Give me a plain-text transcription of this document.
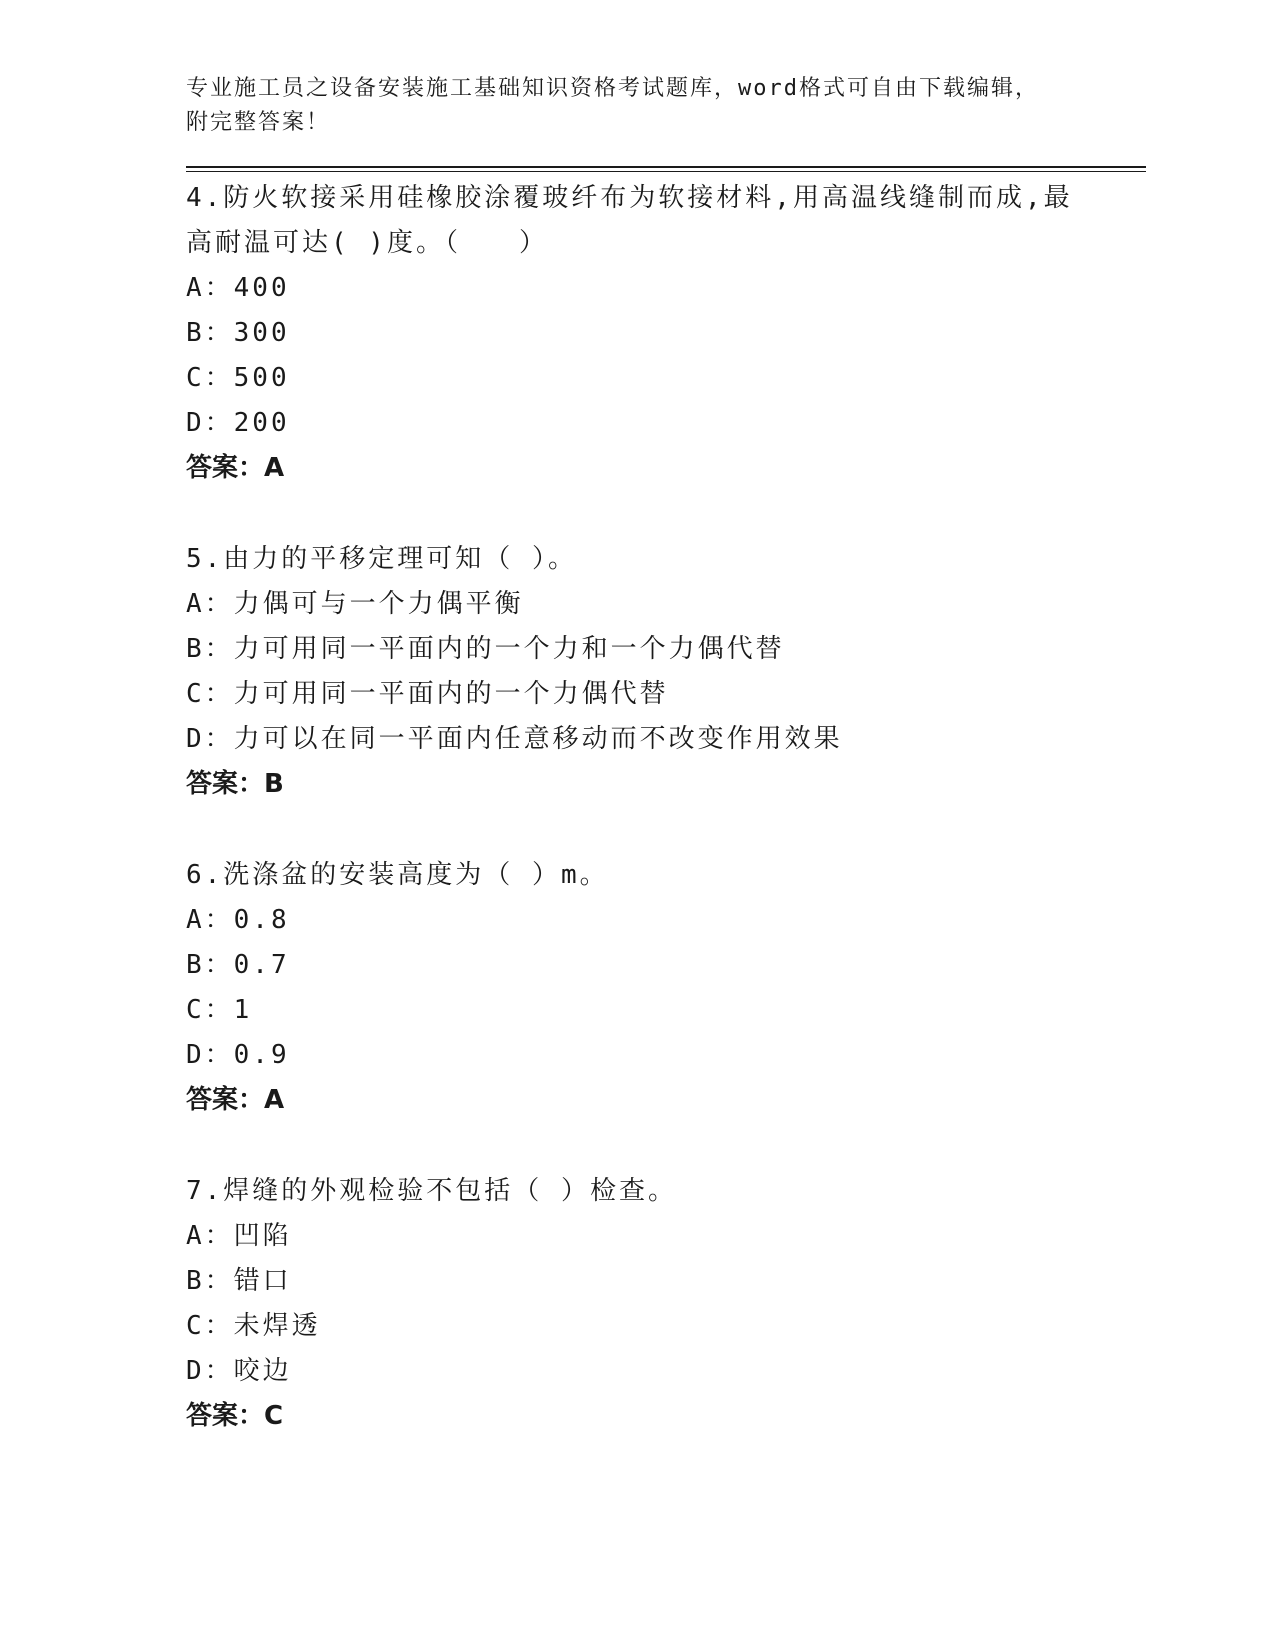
专业施工员之设备安装施工基础知识资格考试题库，word格式可自由下载编辑，
附完整答案！
4.防火软接采用硅橡胶涂覆玻纤布为软接材料,用高温线缝制而成,最
高耐温可达( )度。（　　）
A：400
B：300
C：500
D：200
答案：A
5.由力的平移定理可知（ ）。
A：力偶可与一个力偶平衡
B：力可用同一平面内的一个力和一个力偶代替
C：力可用同一平面内的一个力偶代替
D：力可以在同一平面内任意移动而不改变作用效果
答案：B
6.洗涤盆的安装高度为（ ）m。
A：0.8
B：0.7
C：1
D：0.9
答案：A
7.焊缝的外观检验不包括（ ）检查。
A：凹陷
B：错口
C：未焊透
D：咬边
答案：C
